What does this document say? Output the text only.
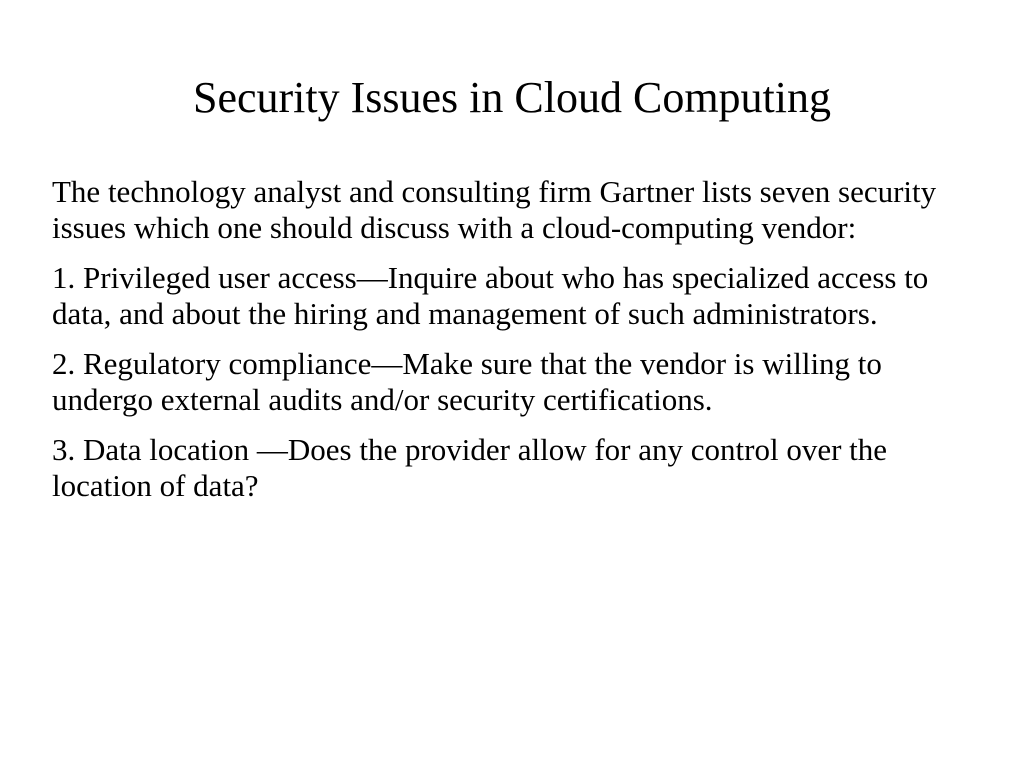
Security Issues in Cloud Computing

The technology analyst and consulting firm Gartner lists seven security issues which one should discuss with a cloud-computing vendor:

1. Privileged user access—Inquire about who has specialized access to data, and about the hiring and management of such administrators.

2. Regulatory compliance—Make sure that the vendor is willing to undergo external audits and/or security certifications.

3. Data location —Does the provider allow for any control over the location of data?
